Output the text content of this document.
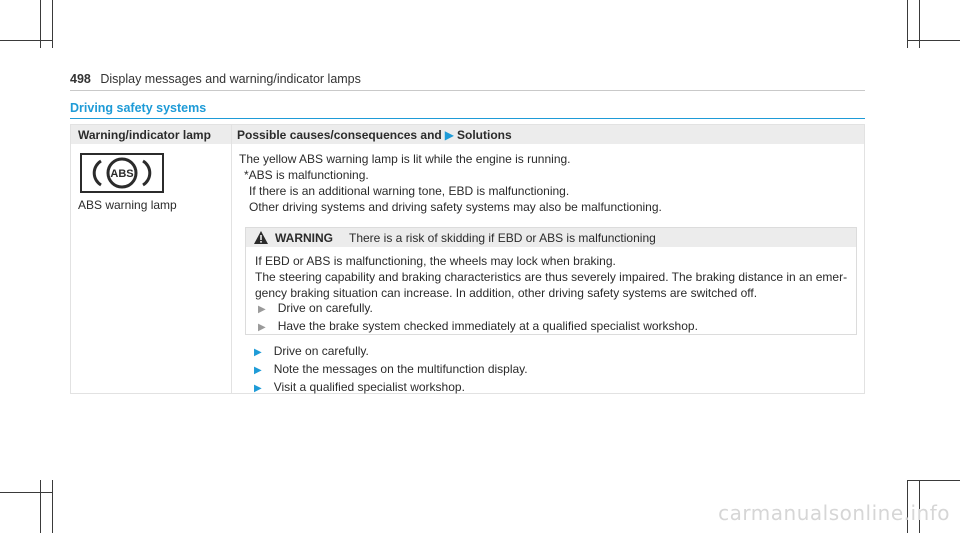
498 Display messages and warning/indicator lamps
Driving safety systems
Warning/indicator lamp Possible causes/consequences and ▶ Solutions
ABS
ABS warning lamp
The yellow ABS warning lamp is lit while the engine is running.
*ABS is malfunctioning.
If there is an additional warning tone, EBD is malfunctioning.
Other driving systems and driving safety systems may also be malfunctioning.
WARNING There is a risk of skidding if EBD or ABS is malfunctioning
If EBD or ABS is malfunctioning, the wheels may lock when braking.
The steering capability and braking characteristics are thus severely impaired. The braking distance in an emer-
gency braking situation can increase. In addition, other driving safety systems are switched off.
▶ Drive on carefully.
▶ Have the brake system checked immediately at a qualified specialist workshop.
▶ Drive on carefully.
▶ Note the messages on the multifunction display.
▶ Visit a qualified specialist workshop.
carmanualsonline.info
